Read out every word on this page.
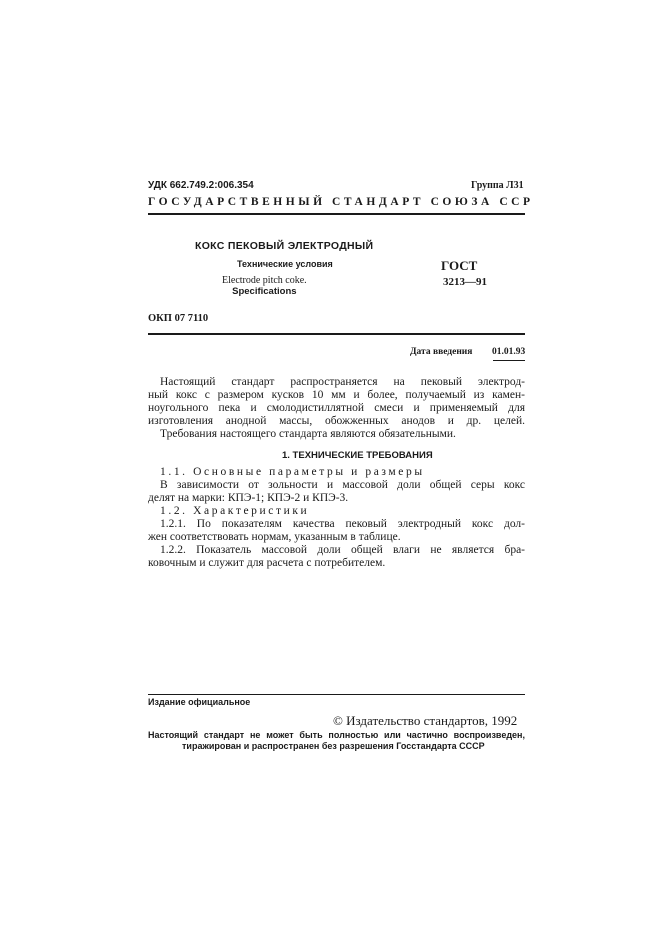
УДК 662.749.2:006.354	Группа Л31
ГОСУДАРСТВЕННЫЙ СТАНДАРТ СОЮЗА ССР
КОКС ПЕКОВЫЙ ЭЛЕКТРОДНЫЙ
Технические условия
Electrode pitch coke.
Specifications
ГОСТ
3213—91
ОКП 07 7110
Дата введения 01.01.93
Настоящий стандарт распространяется на пековый электрод-
ный кокс с размером кусков 10 мм и более, получаемый из камен-
ноугольного пека и смолодистиллятной смеси и применяемый для
изготовления анодной массы, обожженных анодов и др. целей.
Требования настоящего стандарта являются обязательными.
1. ТЕХНИЧЕСКИЕ ТРЕБОВАНИЯ
1.1. Основные параметры и размеры
В зависимости от зольности и массовой доли общей серы кокс
делят на марки: КПЭ-1; КПЭ-2 и КПЭ-3.
1.2. Характеристики
1.2.1. По показателям качества пековый электродный кокс дол-
жен соответствовать нормам, указанным в таблице.
1.2.2. Показатель массовой доли общей влаги не является бра-
ковочным и служит для расчета с потребителем.
Издание официальное
© Издательство стандартов, 1992
Настоящий стандарт не может быть полностью или частично воспроизведен,
тиражирован и распространен без разрешения Госстандарта СССР
